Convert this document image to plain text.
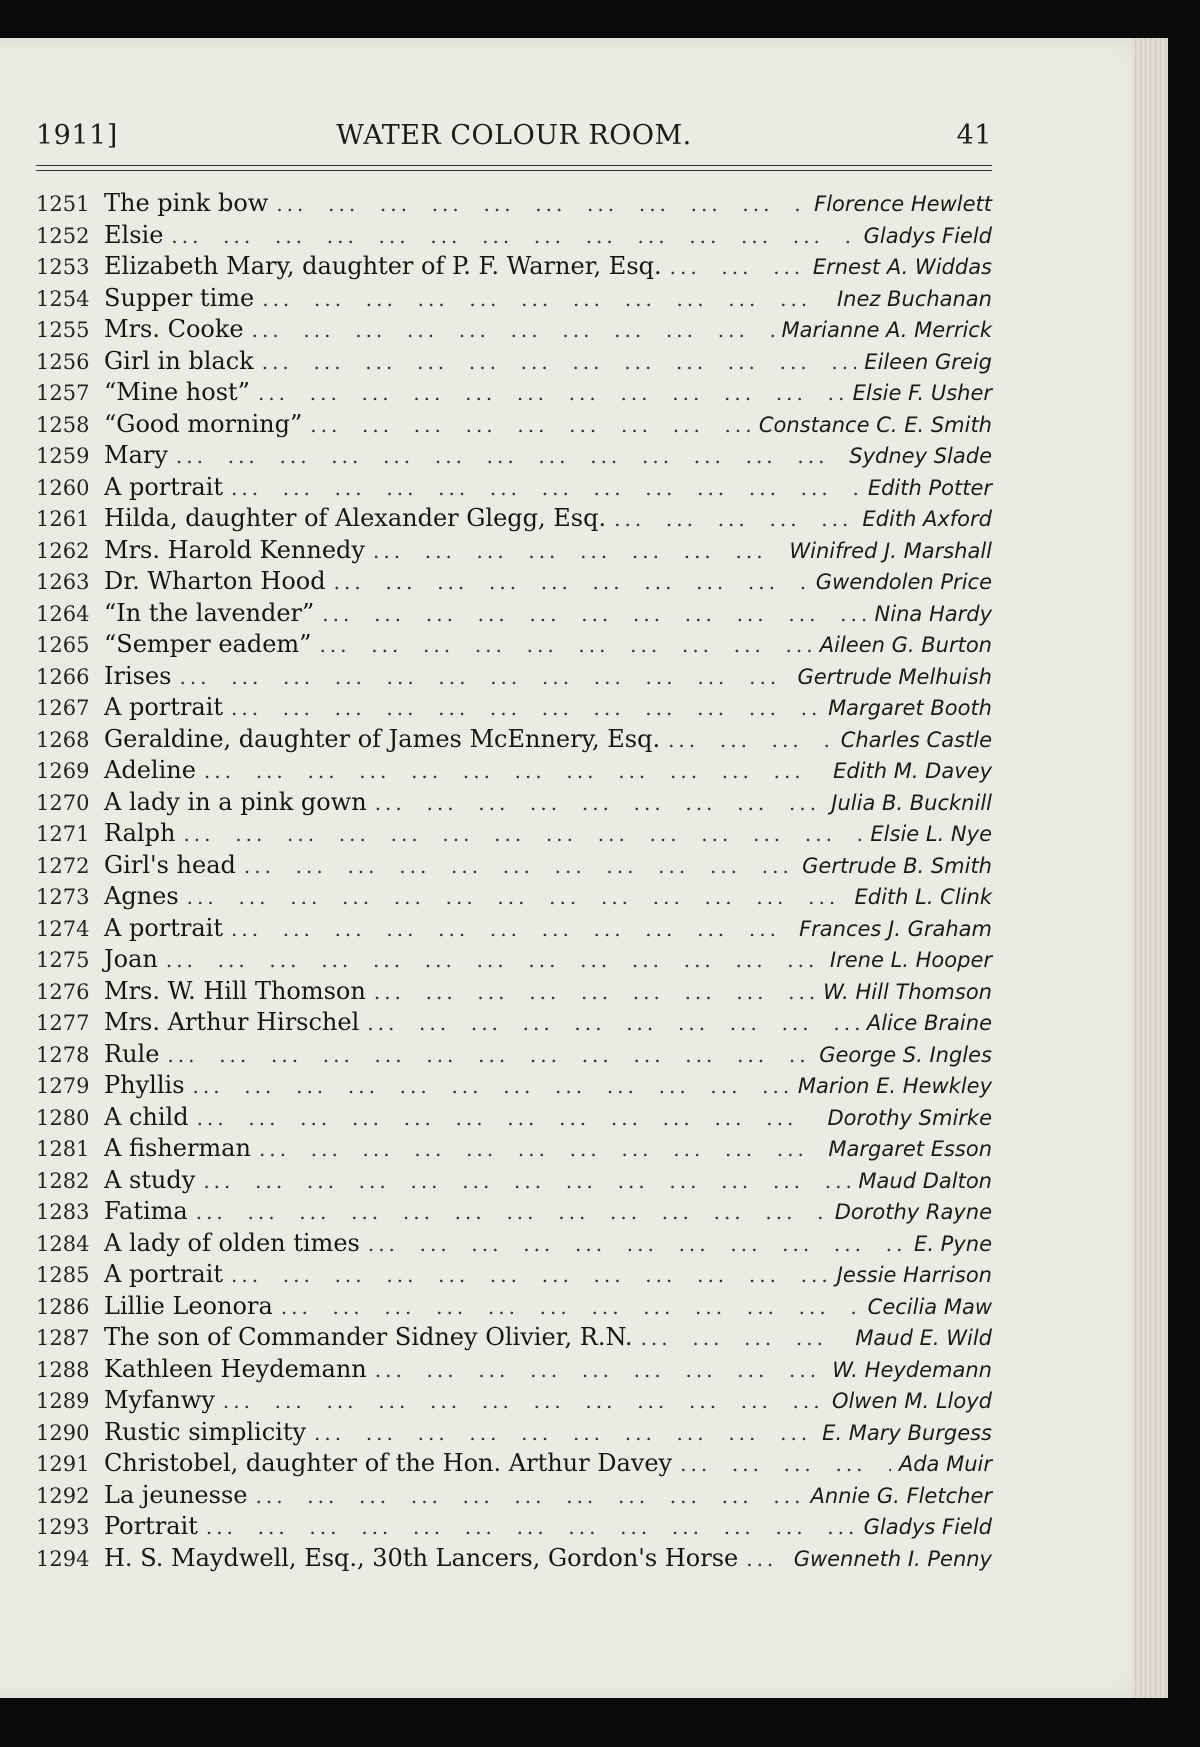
1911]	WATER COLOUR ROOM.	41
1251 The pink bow ...	Florence Hewlett
1252 Elsie ...	Gladys Field
1253 Elizabeth Mary, daughter of P. F. Warner, Esq. ...	Ernest A. Widdas
1254 Supper time ...	Inez Buchanan
1255 Mrs. Cooke ...	Marianne A. Merrick
1256 Girl in black ...	Eileen Greig
1257 “Mine host” ...	Elsie F. Usher
1258 “Good morning” ...	Constance C. E. Smith
1259 Mary ...	Sydney Slade
1260 A portrait ...	Edith Potter
1261 Hilda, daughter of Alexander Glegg, Esq. ...	Edith Axford
1262 Mrs. Harold Kennedy ...	Winifred J. Marshall
1263 Dr. Wharton Hood ...	Gwendolen Price
1264 “In the lavender” ...	Nina Hardy
1265 “Semper eadem” ...	Aileen G. Burton
1266 Irises ...	Gertrude Melhuish
1267 A portrait ...	Margaret Booth
1268 Geraldine, daughter of James McEnnery, Esq. ...	Charles Castle
1269 Adeline ...	Edith M. Davey
1270 A lady in a pink gown ...	Julia B. Bucknill
1271 Ralph ...	Elsie L. Nye
1272 Girl's head ...	Gertrude B. Smith
1273 Agnes ...	Edith L. Clink
1274 A portrait ...	Frances J. Graham
1275 Joan ...	Irene L. Hooper
1276 Mrs. W. Hill Thomson ...	W. Hill Thomson
1277 Mrs. Arthur Hirschel ...	Alice Braine
1278 Rule ...	George S. Ingles
1279 Phyllis ...	Marion E. Hewkley
1280 A child ...	Dorothy Smirke
1281 A fisherman ...	Margaret Esson
1282 A study ...	Maud Dalton
1283 Fatima ...	Dorothy Rayne
1284 A lady of olden times ...	E. Pyne
1285 A portrait ...	Jessie Harrison
1286 Lillie Leonora ...	Cecilia Maw
1287 The son of Commander Sidney Olivier, R.N. ...	Maud E. Wild
1288 Kathleen Heydemann ...	W. Heydemann
1289 Myfanwy ...	Olwen M. Lloyd
1290 Rustic simplicity ...	E. Mary Burgess
1291 Christobel, daughter of the Hon. Arthur Davey ...	Ada Muir
1292 La jeunesse ...	Annie G. Fletcher
1293 Portrait ...	Gladys Field
1294 H. S. Maydwell, Esq., 30th Lancers, Gordon's Horse ...	Gwenneth I. Penny
